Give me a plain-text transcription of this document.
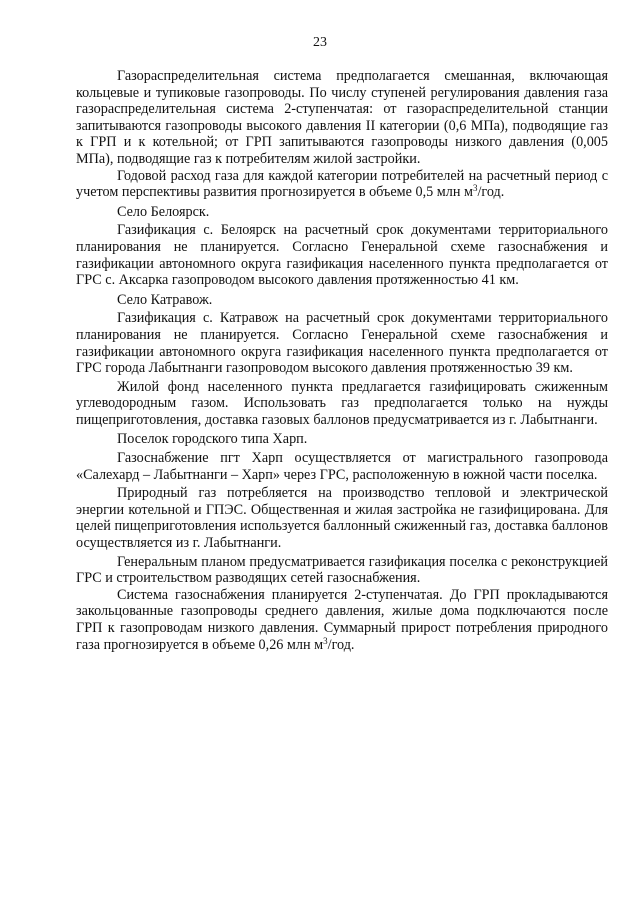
23

Газораспределительная система предполагается смешанная, включающая кольцевые и тупиковые газопроводы. По числу ступеней регулирования давления газа газораспределительная система 2-ступенчатая: от газораспределительной станции запитываются газопроводы высокого давления II категории (0,6 МПа), подводящие газ к ГРП и к котельной; от ГРП запитываются газопроводы низкого давления (0,005 МПа), подводящие газ к потребителям жилой застройки.

Годовой расход газа для каждой категории потребителей на расчетный период с учетом перспективы развития прогнозируется в объеме 0,5 млн $м^3$/год.

Село Белоярск.

Газификация с. Белоярск на расчетный срок документами территориального планирования не планируется. Согласно Генеральной схеме газоснабжения и газификации автономного округа газификация населенного пункта предполагается от ГРС с. Аксарка газопроводом высокого давления протяженностью 41 км.

Село Катравож.

Газификация с. Катравож на расчетный срок документами территориального планирования не планируется. Согласно Генеральной схеме газоснабжения и газификации автономного округа газификация населенного пункта предполагается от ГРС города Лабытнанги газопроводом высокого давления протяженностью 39 км.

Жилой фонд населенного пункта предлагается газифицировать сжиженным углеводородным газом. Использовать газ предполагается только на нужды пищеприготовления, доставка газовых баллонов предусматривается из г. Лабытнанги.

Поселок городского типа Харп.

Газоснабжение пгт Харп осуществляется от магистрального газопровода «Салехард – Лабытнанги – Харп» через ГРС, расположенную в южной части поселка.

Природный газ потребляется на производство тепловой и электрической энергии котельной и ГПЭС. Общественная и жилая застройка не газифицирована. Для целей пищеприготовления используется баллонный сжиженный газ, доставка баллонов осуществляется из г. Лабытнанги.

Генеральным планом предусматривается газификация поселка с реконструкцией ГРС и строительством разводящих сетей газоснабжения.

Система газоснабжения планируется 2-ступенчатая. До ГРП прокладываются закольцованные газопроводы среднего давления, жилые дома подключаются после ГРП к газопроводам низкого давления. Суммарный прирост потребления природного газа прогнозируется в объеме 0,26 млн $м^3$/год.
